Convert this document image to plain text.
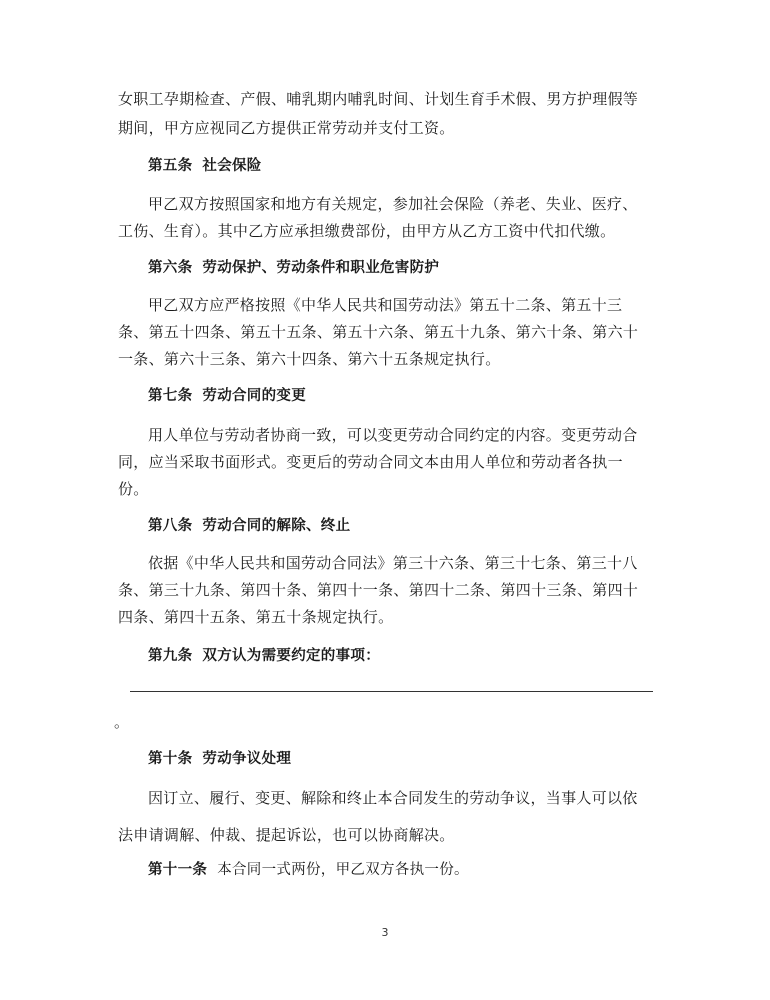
女职工孕期检查、产假、哺乳期内哺乳时间、计划生育手术假、男方护理假等
期间，甲方应视同乙方提供正常劳动并支付工资。
第五条 社会保险
甲乙双方按照国家和地方有关规定，参加社会保险（养老、失业、医疗、
工伤、生育）。其中乙方应承担缴费部份，由甲方从乙方工资中代扣代缴。
第六条 劳动保护、劳动条件和职业危害防护
甲乙双方应严格按照《中华人民共和国劳动法》第五十二条、第五十三
条、第五十四条、第五十五条、第五十六条、第五十九条、第六十条、第六十
一条、第六十三条、第六十四条、第六十五条规定执行。
第七条 劳动合同的变更
用人单位与劳动者协商一致，可以变更劳动合同约定的内容。变更劳动合
同，应当采取书面形式。变更后的劳动合同文本由用人单位和劳动者各执一
份。
第八条 劳动合同的解除、终止
依据《中华人民共和国劳动合同法》第三十六条、第三十七条、第三十八
条、第三十九条、第四十条、第四十一条、第四十二条、第四十三条、第四十
四条、第四十五条、第五十条规定执行。
第九条 双方认为需要约定的事项：
。
第十条 劳动争议处理
因订立、履行、变更、解除和终止本合同发生的劳动争议，当事人可以依
法申请调解、仲裁、提起诉讼，也可以协商解决。
第十一条 本合同一式两份，甲乙双方各执一份。
3
